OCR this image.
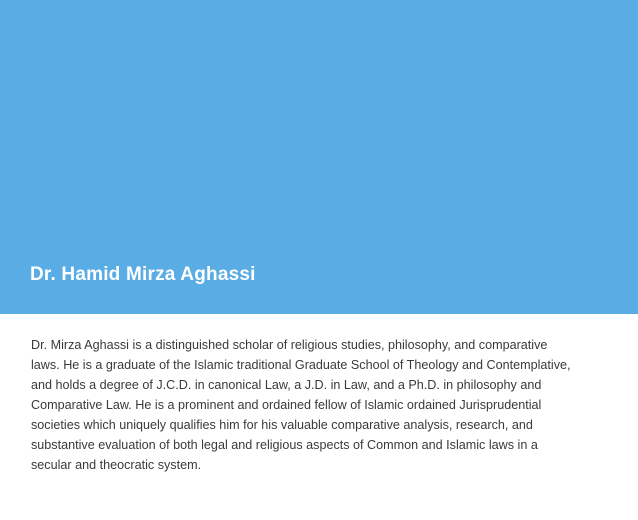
Dr. Hamid Mirza Aghassi

Dr. Mirza Aghassi is a distinguished scholar of religious studies, philosophy, and comparative laws. He is a graduate of the Islamic traditional Graduate School of Theology and Contemplative, and holds a degree of J.C.D. in canonical Law, a J.D. in Law, and a Ph.D. in philosophy and Comparative Law. He is a prominent and ordained fellow of Islamic ordained Jurisprudential societies which uniquely qualifies him for his valuable comparative analysis, research, and substantive evaluation of both legal and religious aspects of Common and Islamic laws in a secular and theocratic system.
